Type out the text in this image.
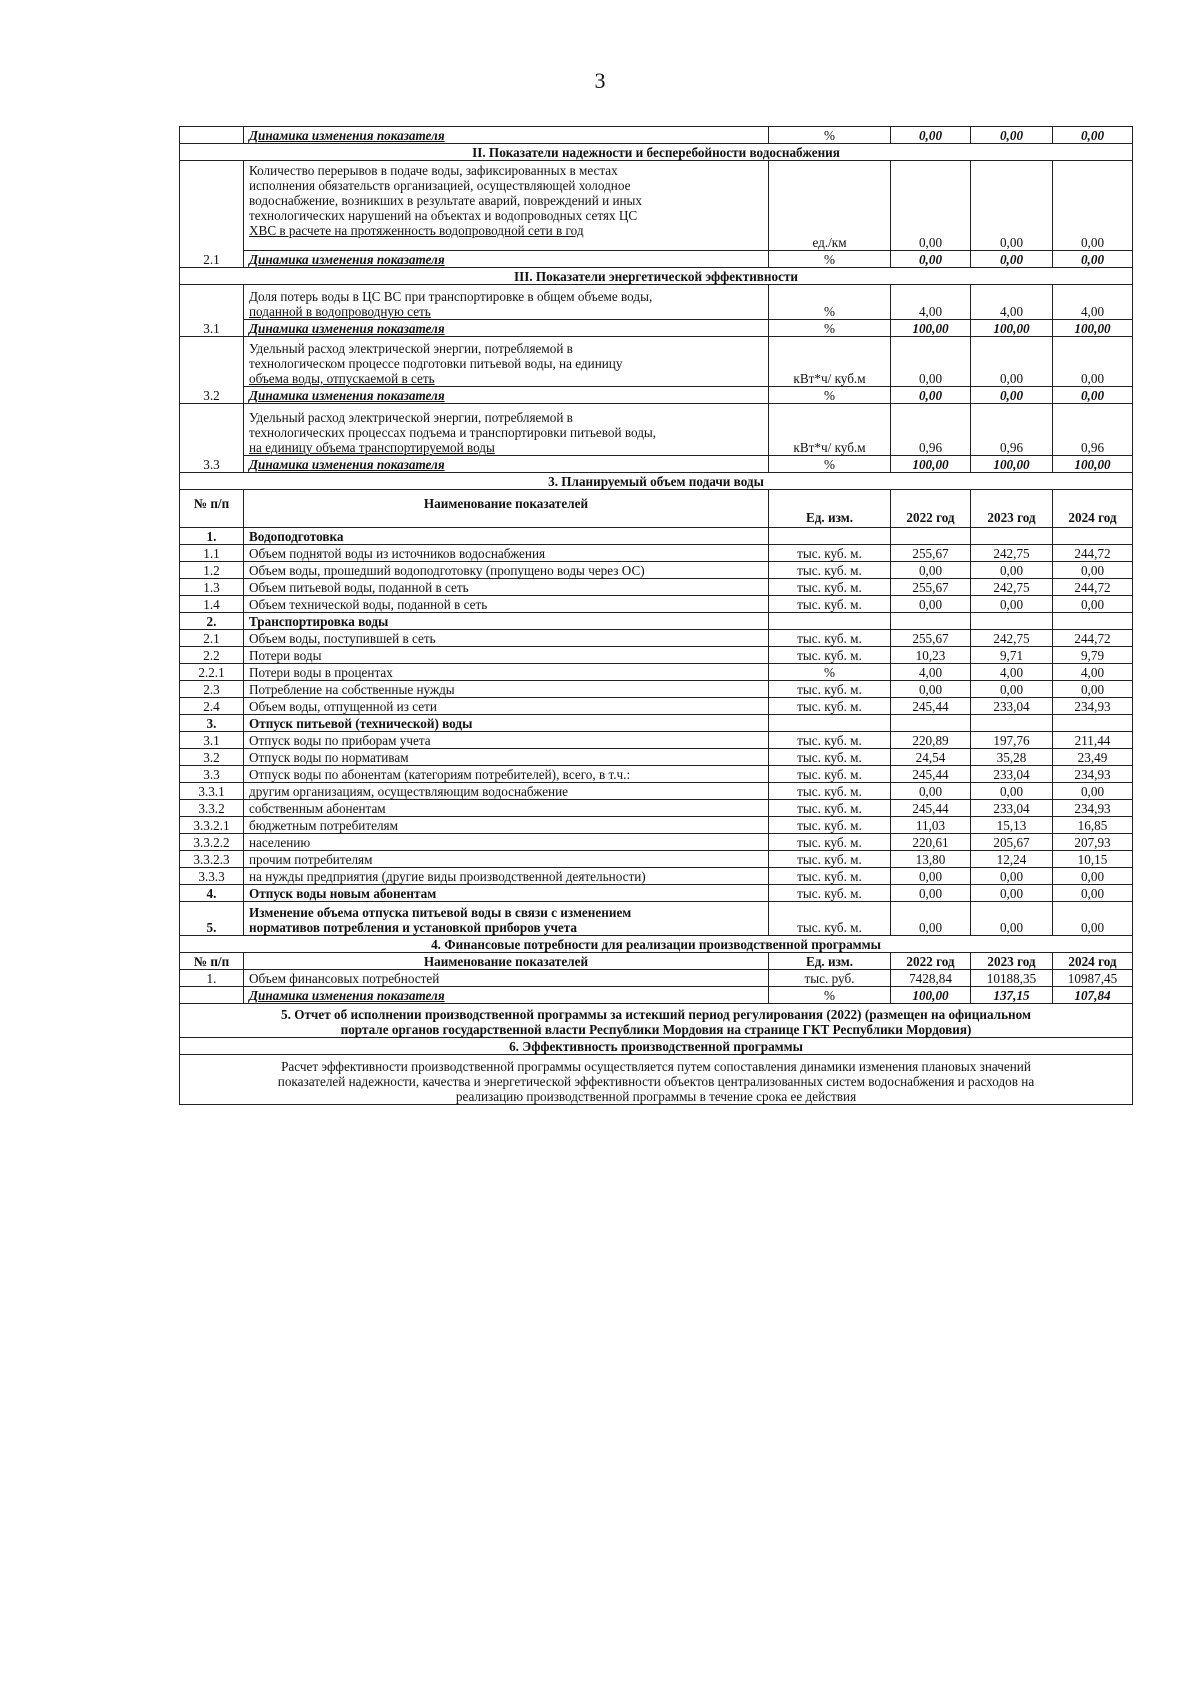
3
	Динамика изменения показателя	%	0,00	0,00	0,00
II. Показатели надежности и бесперебойности водоснабжения					
2.1	Количество перерывов в подаче воды, зафиксированных в местах
исполнения обязательств организацией, осуществляющей холодное
водоснабжение, возникших в результате аварий, повреждений и иных
технологических нарушений на объектах и водопроводных сетях ЦС
ХВС в расчете на протяженность водопроводной сети в год	ед./км	0,00	0,00	0,00
	Динамика изменения показателя	%	0,00	0,00	0,00
III. Показатели энергетической эффективности					
3.1	Доля потерь воды в ЦС ВС при транспортировке в общем объеме воды,
поданной в водопроводную сеть	%	4,00	4,00	4,00
	Динамика изменения показателя	%	100,00	100,00	100,00
3.2	Удельный расход электрической энергии, потребляемой в
технологическом процессе подготовки питьевой воды, на единицу
объема воды, отпускаемой в сеть	кВт*ч/ куб.м	0,00	0,00	0,00
	Динамика изменения показателя	%	0,00	0,00	0,00
3.3	Удельный расход электрической энергии, потребляемой в
технологических процессах подъема и транспортировки питьевой воды,
на единицу объема транспортируемой воды	кВт*ч/ куб.м	0,96	0,96	0,96
	Динамика изменения показателя	%	100,00	100,00	100,00
3. Планируемый объем подачи воды					
№ п/п	Наименование показателей	Ед. изм.	2022 год	2023 год	2024 год
1.	Водоподготовка				
1.1	Объем поднятой воды из источников водоснабжения	тыс. куб. м.	255,67	242,75	244,72
1.2	Объем воды, прошедший водоподготовку (пропущено воды через ОС)	тыс. куб. м.	0,00	0,00	0,00
1.3	Объем питьевой воды, поданной в сеть	тыс. куб. м.	255,67	242,75	244,72
1.4	Объем технической воды, поданной в сеть	тыс. куб. м.	0,00	0,00	0,00
2.	Транспортировка воды				
2.1	Объем воды, поступившей в сеть	тыс. куб. м.	255,67	242,75	244,72
2.2	Потери воды	тыс. куб. м.	10,23	9,71	9,79
2.2.1	Потери воды в процентах	%	4,00	4,00	4,00
2.3	Потребление на собственные нужды	тыс. куб. м.	0,00	0,00	0,00
2.4	Объем воды, отпущенной из сети	тыс. куб. м.	245,44	233,04	234,93
3.	Отпуск питьевой (технической) воды				
3.1	Отпуск воды по приборам учета	тыс. куб. м.	220,89	197,76	211,44
3.2	Отпуск воды по нормативам	тыс. куб. м.	24,54	35,28	23,49
3.3	Отпуск воды по абонентам (категориям потребителей), всего, в т.ч.:	тыс. куб. м.	245,44	233,04	234,93
3.3.1	другим организациям, осуществляющим водоснабжение	тыс. куб. м.	0,00	0,00	0,00
3.3.2	собственным абонентам	тыс. куб. м.	245,44	233,04	234,93
3.3.2.1	бюджетным потребителям	тыс. куб. м.	11,03	15,13	16,85
3.3.2.2	населению	тыс. куб. м.	220,61	205,67	207,93
3.3.2.3	прочим потребителям	тыс. куб. м.	13,80	12,24	10,15
3.3.3	на нужды предприятия (другие виды производственной деятельности)	тыс. куб. м.	0,00	0,00	0,00
4.	Отпуск воды новым абонентам	тыс. куб. м.	0,00	0,00	0,00
5.	Изменение объема отпуска питьевой воды в связи с изменением
нормативов потребления и установкой приборов учета	тыс. куб. м.	0,00	0,00	0,00
4. Финансовые потребности для реализации производственной программы					
№ п/п	Наименование показателей	Ед. изм.	2022 год	2023 год	2024 год
1.	Объем финансовых потребностей	тыс. руб.	7428,84	10188,35	10987,45
	Динамика изменения показателя	%	100,00	137,15	107,84

5. Отчет об исполнении производственной программы за истекший период регулирования (2022) (размещен на официальном
портале органов государственной власти Республики Мордовия на странице ГКТ Республики Мордовия)					

6. Эффективность производственной программы					

Расчет эффективности производственной программы осуществляется путем сопоставления динамики изменения плановых значений
показателей надежности, качества и энергетической эффективности объектов централизованных систем водоснабжения и расходов на
реализацию производственной программы в течение срока ее действия					
